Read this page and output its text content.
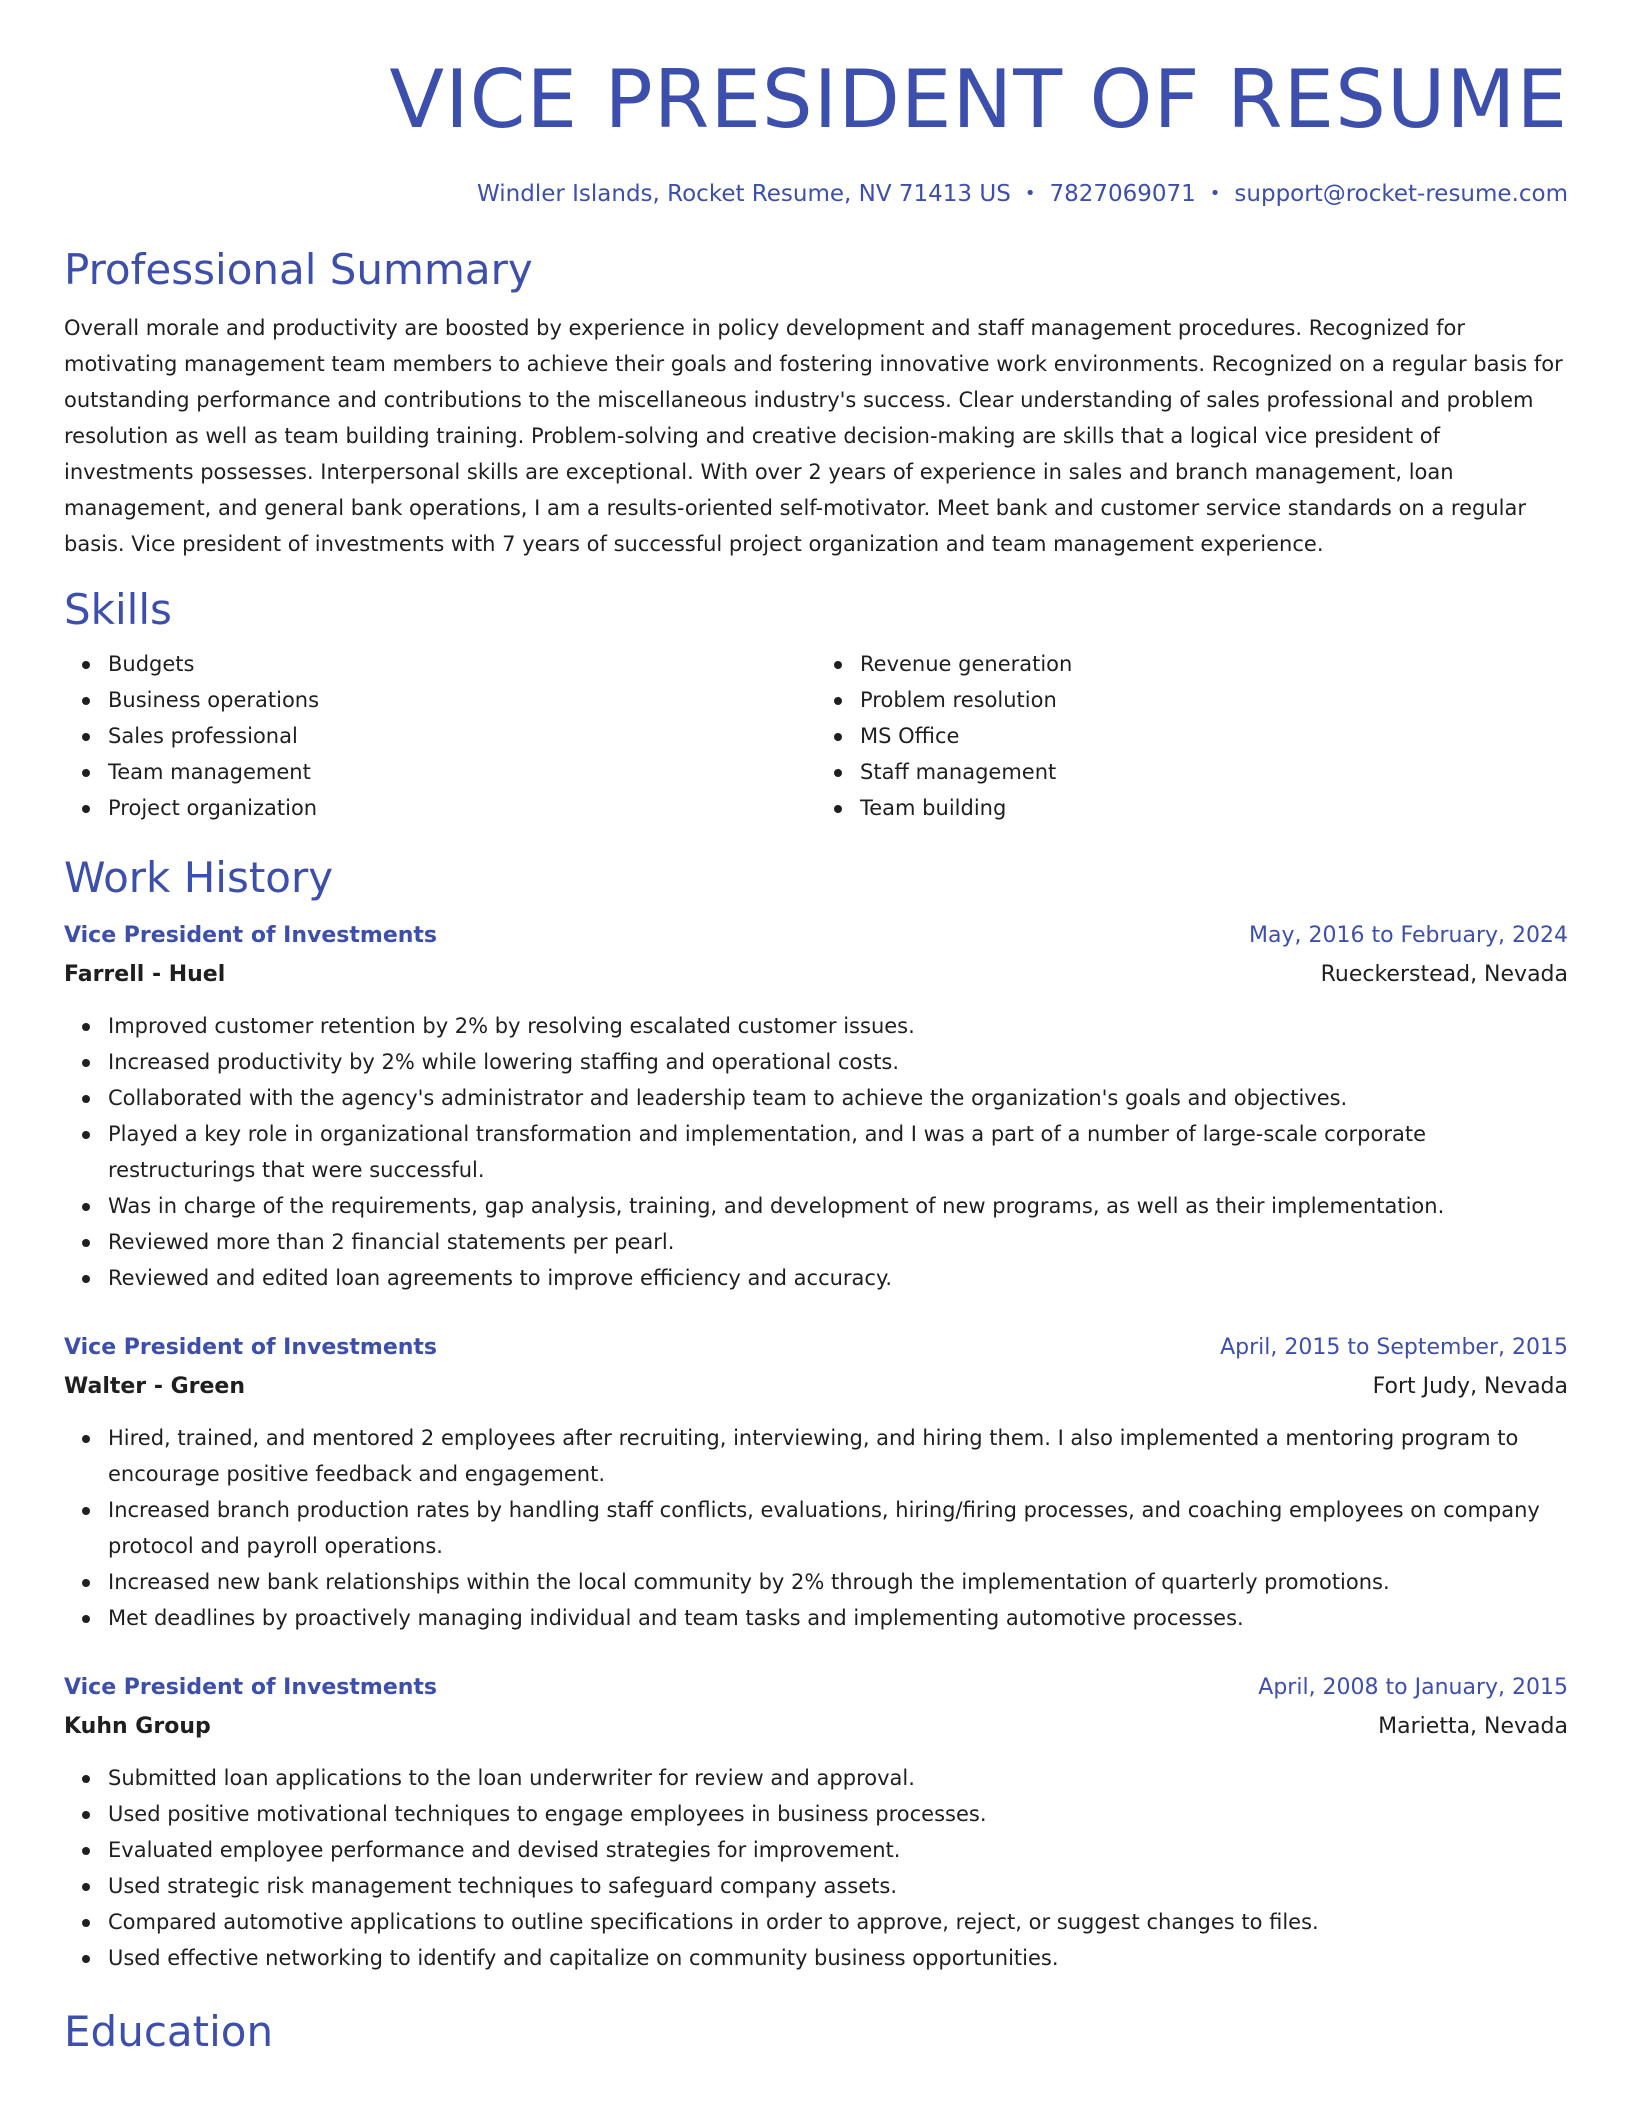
VICE PRESIDENT OF RESUME
Windler Islands, Rocket Resume, NV 71413 US • 7827069071 • support@rocket-resume.com
Professional Summary
Overall morale and productivity are boosted by experience in policy development and staff management procedures. Recognized for motivating management team members to achieve their goals and fostering innovative work environments. Recognized on a regular basis for outstanding performance and contributions to the miscellaneous industry's success. Clear understanding of sales professional and problem resolution as well as team building training. Problem-solving and creative decision-making are skills that a logical vice president of investments possesses. Interpersonal skills are exceptional. With over 2 years of experience in sales and branch management, loan management, and general bank operations, I am a results-oriented self-motivator. Meet bank and customer service standards on a regular basis. Vice president of investments with 7 years of successful project organization and team management experience.
Skills
Budgets
Business operations
Sales professional
Team management
Project organization
Revenue generation
Problem resolution
MS Office
Staff management
Team building
Work History
Vice President of Investments	May, 2016 to February, 2024
Farrell - Huel	Rueckerstead, Nevada
Improved customer retention by 2% by resolving escalated customer issues.
Increased productivity by 2% while lowering staffing and operational costs.
Collaborated with the agency's administrator and leadership team to achieve the organization's goals and objectives.
Played a key role in organizational transformation and implementation, and I was a part of a number of large-scale corporate restructurings that were successful.
Was in charge of the requirements, gap analysis, training, and development of new programs, as well as their implementation.
Reviewed more than 2 financial statements per pearl.
Reviewed and edited loan agreements to improve efficiency and accuracy.
Vice President of Investments	April, 2015 to September, 2015
Walter - Green	Fort Judy, Nevada
Hired, trained, and mentored 2 employees after recruiting, interviewing, and hiring them. I also implemented a mentoring program to encourage positive feedback and engagement.
Increased branch production rates by handling staff conflicts, evaluations, hiring/firing processes, and coaching employees on company protocol and payroll operations.
Increased new bank relationships within the local community by 2% through the implementation of quarterly promotions.
Met deadlines by proactively managing individual and team tasks and implementing automotive processes.
Vice President of Investments	April, 2008 to January, 2015
Kuhn Group	Marietta, Nevada
Submitted loan applications to the loan underwriter for review and approval.
Used positive motivational techniques to engage employees in business processes.
Evaluated employee performance and devised strategies for improvement.
Used strategic risk management techniques to safeguard company assets.
Compared automotive applications to outline specifications in order to approve, reject, or suggest changes to files.
Used effective networking to identify and capitalize on community business opportunities.
Education
